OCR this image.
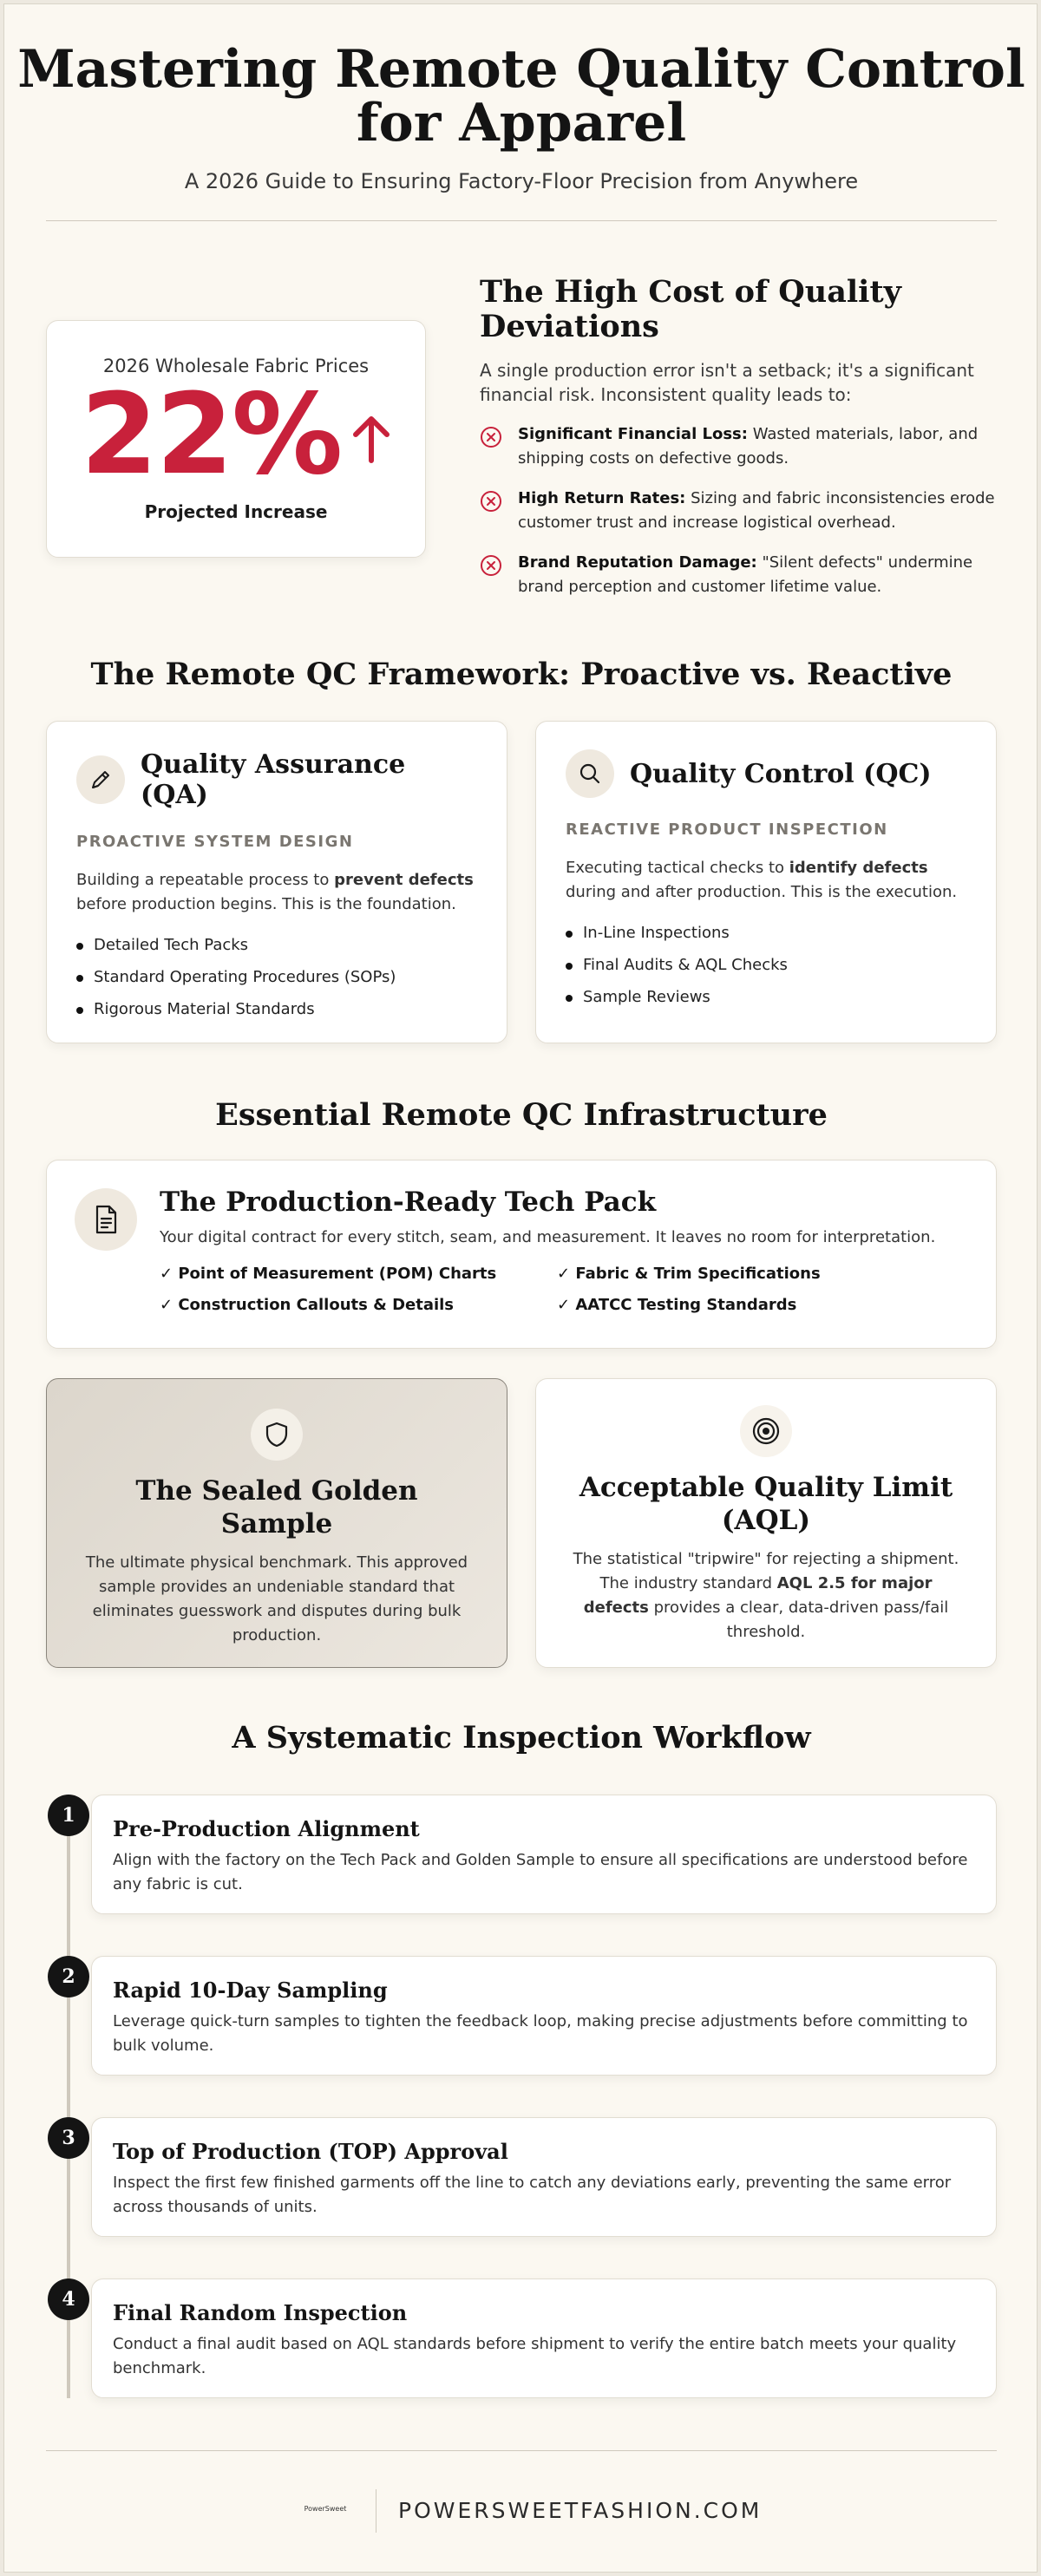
Mastering Remote Quality Control
for Apparel
A 2026 Guide to Ensuring Factory-Floor Precision from Anywhere
2026 Wholesale Fabric Prices
22%
Projected Increase
The High Cost of Quality Deviations
A single production error isn't a setback; it's a significant financial risk. Inconsistent quality leads to:
Significant Financial Loss: Wasted materials, labor, and shipping costs on defective goods.
High Return Rates: Sizing and fabric inconsistencies erode customer trust and increase logistical overhead.
Brand Reputation Damage: "Silent defects" undermine brand perception and customer lifetime value.
The Remote QC Framework: Proactive vs. Reactive
Quality Assurance (QA)
PROACTIVE SYSTEM DESIGN
Building a repeatable process to prevent defects before production begins. This is the foundation.
Detailed Tech Packs
Standard Operating Procedures (SOPs)
Rigorous Material Standards
Quality Control (QC)
REACTIVE PRODUCT INSPECTION
Executing tactical checks to identify defects during and after production. This is the execution.
In-Line Inspections
Final Audits & AQL Checks
Sample Reviews
Essential Remote QC Infrastructure
The Production-Ready Tech Pack
Your digital contract for every stitch, seam, and measurement. It leaves no room for interpretation.
✓ Point of Measurement (POM) Charts	✓ Fabric & Trim Specifications
✓ Construction Callouts & Details	✓ AATCC Testing Standards
The Sealed Golden Sample

The ultimate physical benchmark. This approved sample provides an undeniable standard that eliminates guesswork and disputes during bulk production.

Acceptable Quality Limit
(AQL)

The statistical "tripwire" for rejecting a shipment. The industry standard AQL 2.5 for major defects provides a clear, data-driven pass/fail threshold.

A Systematic Inspection Workflow
1
Pre-Production Alignment

Align with the factory on the Tech Pack and Golden Sample to ensure all specifications are understood before any fabric is cut.

2
Rapid 10-Day Sampling

Leverage quick-turn samples to tighten the feedback loop, making precise adjustments before committing to bulk volume.

3
Top of Production (TOP) Approval

Inspect the first few finished garments off the line to catch any deviations early, preventing the same error across thousands of units.

4
Final Random Inspection

Conduct a final audit based on AQL standards before shipment to verify the entire batch meets your quality benchmark.

PowerSweet	POWERSWEETFASHION.COM
